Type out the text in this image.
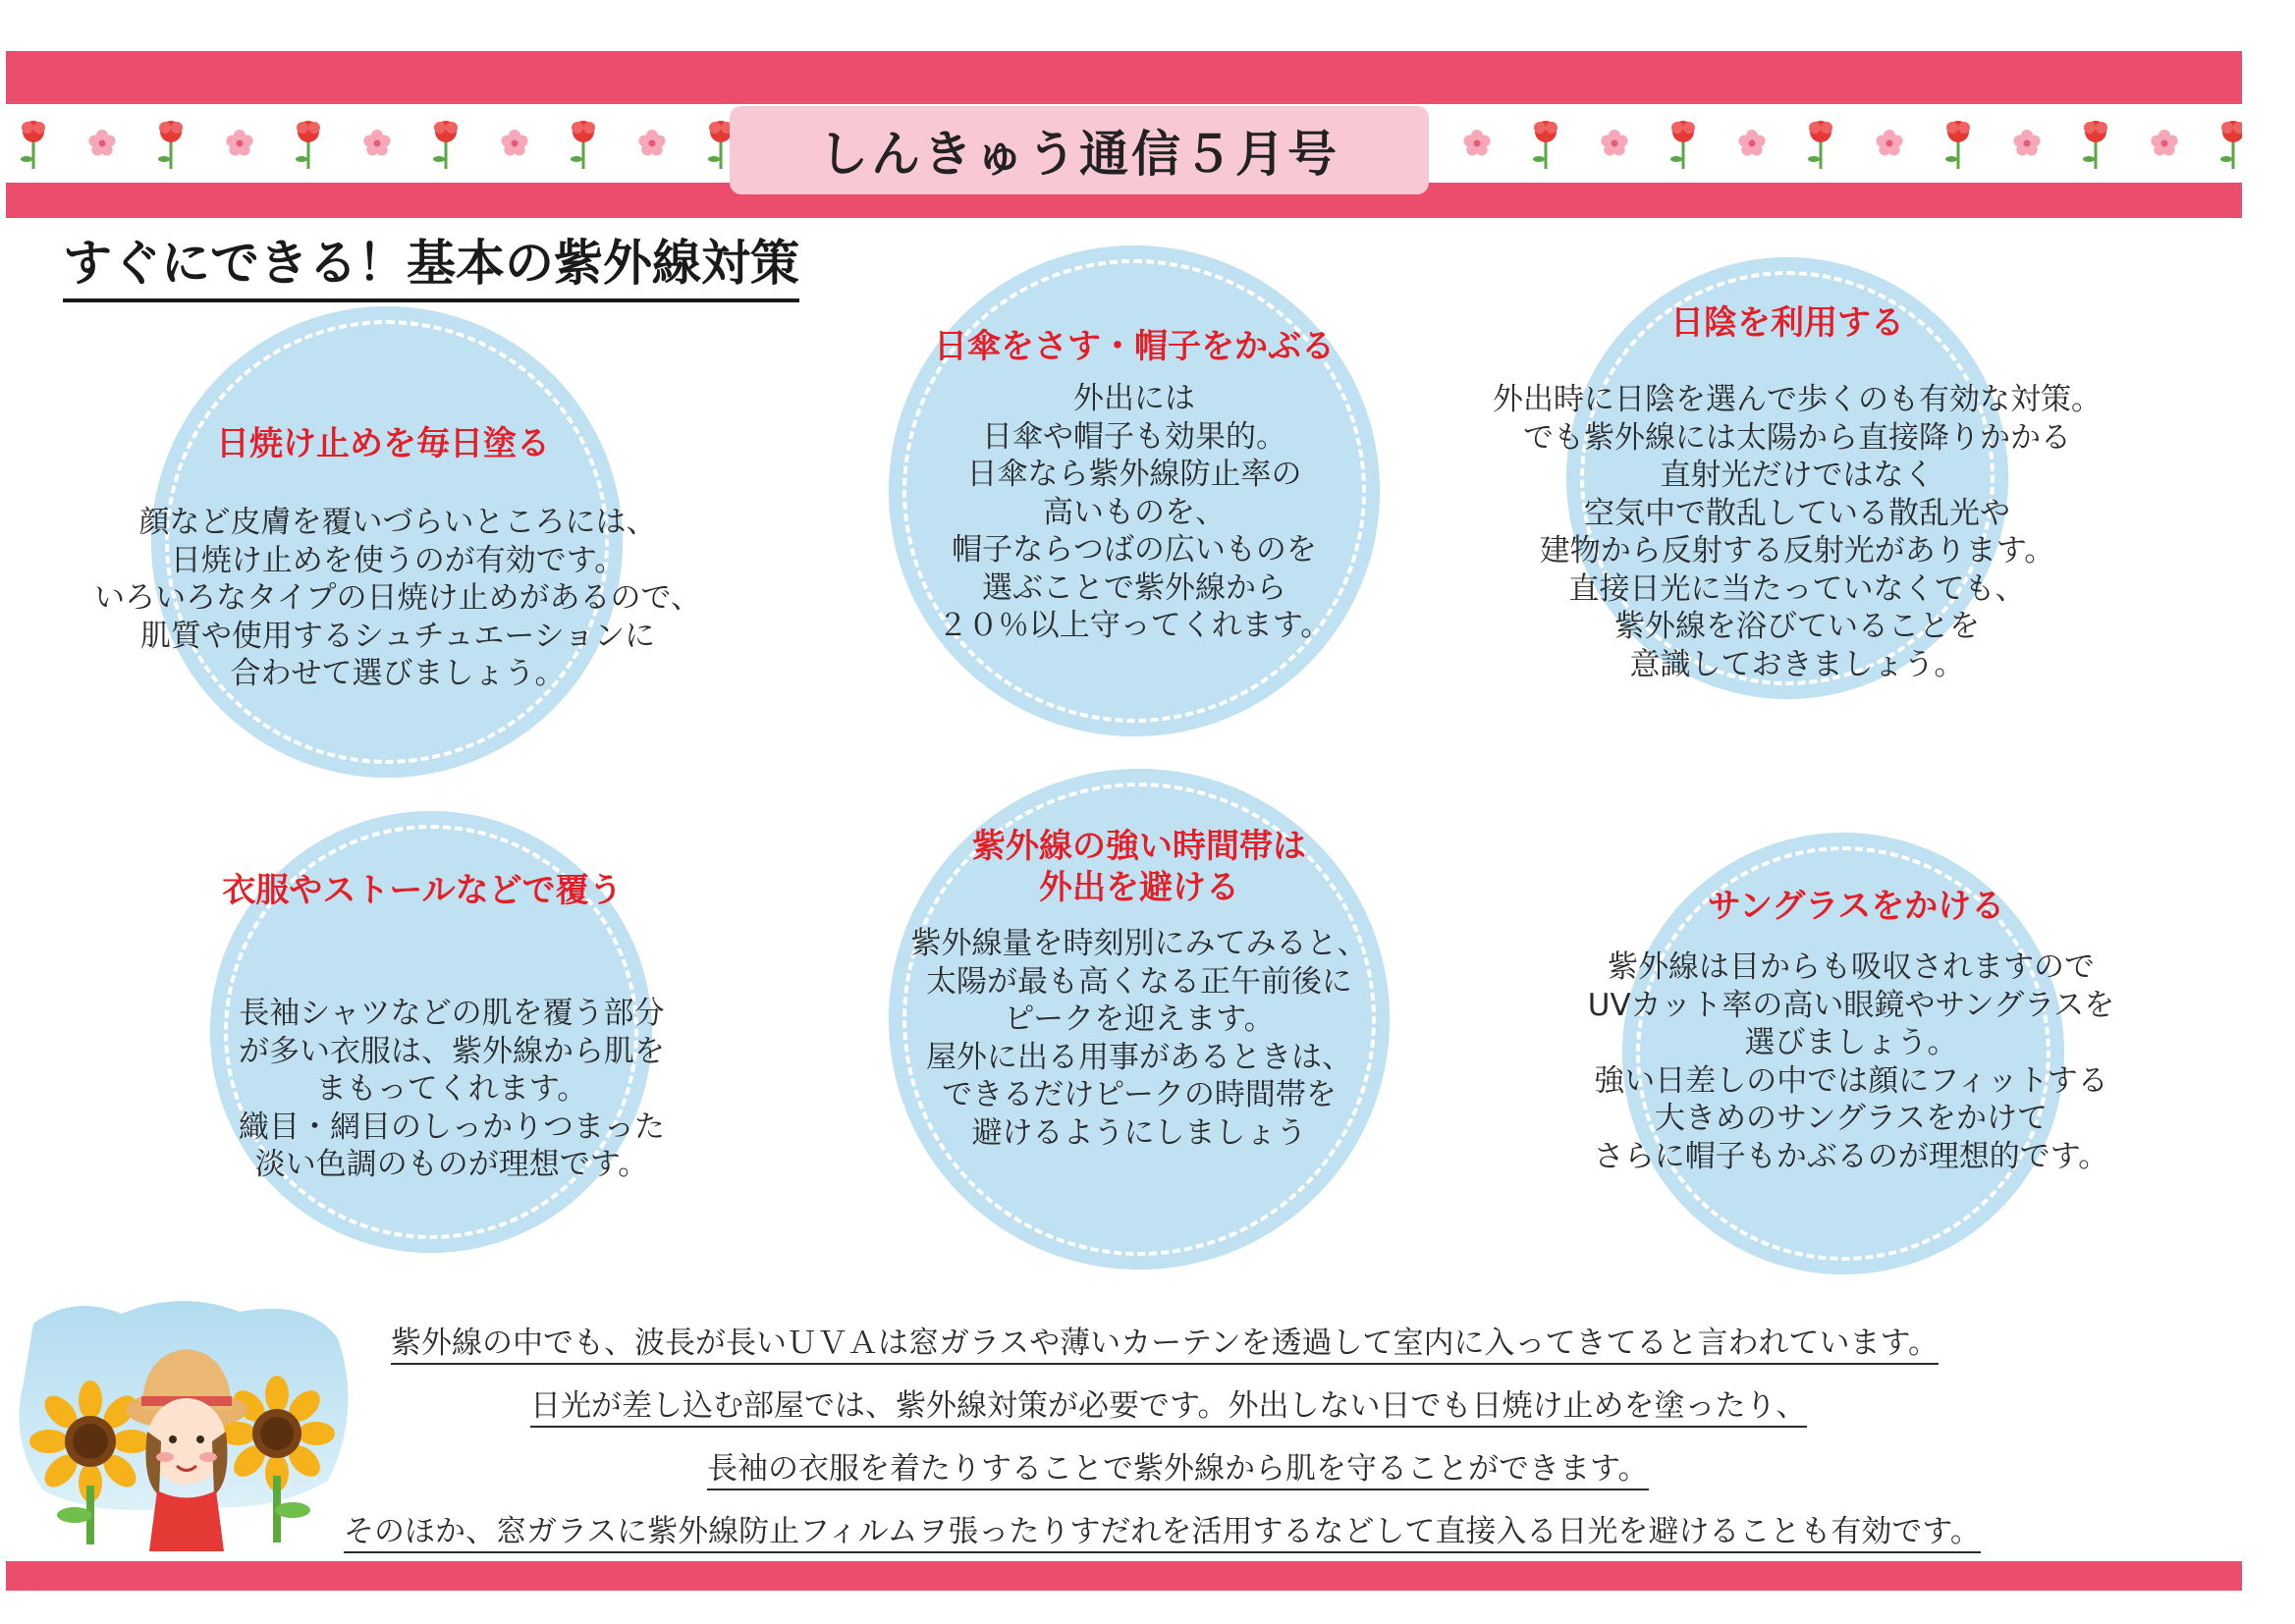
しんきゅう通信５月号
すぐにできる！基本の紫外線対策
日焼け止めを毎日塗る
顔など皮膚を覆いづらいところには、
日焼け止めを使うのが有効です。
いろいろなタイプの日焼け止めがあるので、
肌質や使用するシュチュエーションに
合わせて選びましょう。
日傘をさす・帽子をかぶる
外出には
日傘や帽子も効果的。
日傘なら紫外線防止率の
高いものを、
帽子ならつばの広いものを
選ぶことで紫外線から
２０％以上守ってくれます。
日陰を利用する
外出時に日陰を選んで歩くのも有効な対策。
でも紫外線には太陽から直接降りかかる
直射光だけではなく
空気中で散乱している散乱光や
建物から反射する反射光があります。
直接日光に当たっていなくても、
紫外線を浴びていることを
意識しておきましょう。
衣服やストールなどで覆う
長袖シャツなどの肌を覆う部分
が多い衣服は、紫外線から肌を
まもってくれます。
織目・網目のしっかりつまった
淡い色調のものが理想です。
紫外線の強い時間帯は
外出を避ける
紫外線量を時刻別にみてみると、
太陽が最も高くなる正午前後に
ピークを迎えます。
屋外に出る用事があるときは、
できるだけピークの時間帯を
避けるようにしましょう
サングラスをかける
紫外線は目からも吸収されますので
UVカット率の高い眼鏡やサングラスを
選びましょう。
強い日差しの中では顔にフィットする
大きめのサングラスをかけて
さらに帽子もかぶるのが理想的です。
紫外線の中でも、波長が長いＵＶＡは窓ガラスや薄いカーテンを透過して室内に入ってきてると言われています。
日光が差し込む部屋では、紫外線対策が必要です。外出しない日でも日焼け止めを塗ったり、
長袖の衣服を着たりすることで紫外線から肌を守ることができます。
そのほか、窓ガラスに紫外線防止フィルムヲ張ったりすだれを活用するなどして直接入る日光を避けることも有効です。
